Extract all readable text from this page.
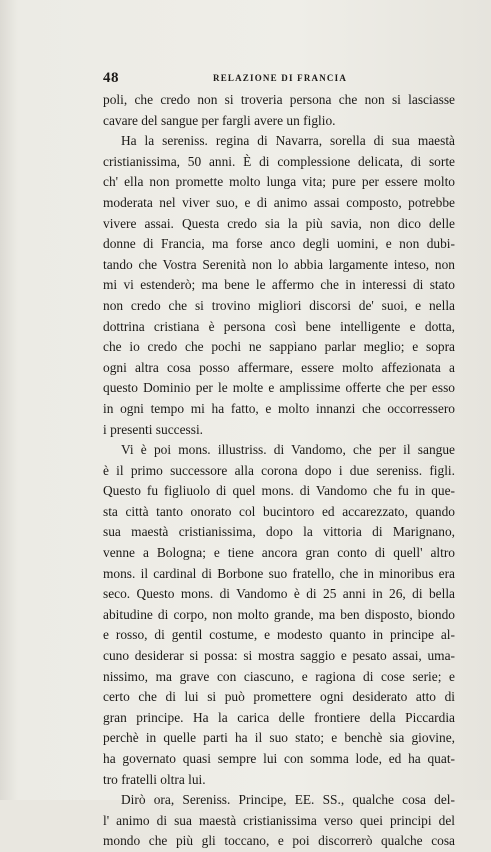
48	RELAZIONE DI FRANCIA
poli, che credo non si troveria persona che non si lasciasse
cavare del sangue per fargli avere un figlio.
Ha la sereniss. regina di Navarra, sorella di sua maestà
cristianissima, 50 anni. È di complessione delicata, di sorte
ch' ella non promette molto lunga vita; pure per essere molto
moderata nel viver suo, e di animo assai composto, potrebbe
vivere assai. Questa credo sia la più savia, non dico delle
donne di Francia, ma forse anco degli uomini, e non dubi-
tando che Vostra Serenità non lo abbia largamente inteso, non
mi vi estenderò; ma bene le affermo che in interessi di stato
non credo che si trovino migliori discorsi de' suoi, e nella
dottrina cristiana è persona così bene intelligente e dotta,
che io credo che pochi ne sappiano parlar meglio; e sopra
ogni altra cosa posso affermare, essere molto affezionata a
questo Dominio per le molte e amplissime offerte che per esso
in ogni tempo mi ha fatto, e molto innanzi che occorressero
i presenti successi.
Vi è poi mons. illustriss. di Vandomo, che per il sangue
è il primo successore alla corona dopo i due sereniss. figli.
Questo fu figliuolo di quel mons. di Vandomo che fu in que-
sta città tanto onorato col bucintoro ed accarezzato, quando
sua maestà cristianissima, dopo la vittoria di Marignano,
venne a Bologna; e tiene ancora gran conto di quell' altro
mons. il cardinal di Borbone suo fratello, che in minoribus era
seco. Questo mons. di Vandomo è di 25 anni in 26, di bella
abitudine di corpo, non molto grande, ma ben disposto, biondo
e rosso, di gentil costume, e modesto quanto in principe al-
cuno desiderar si possa: si mostra saggio e pesato assai, uma-
nissimo, ma grave con ciascuno, e ragiona di cose serie; e
certo che di lui si può promettere ogni desiderato atto di
gran principe. Ha la carica delle frontiere della Piccardia
perchè in quelle parti ha il suo stato; e benchè sia giovine,
ha governato quasi sempre lui con somma lode, ed ha quat-
tro fratelli oltra lui.
Dirò ora, Sereniss. Principe, EE. SS., qualche cosa del-
l' animo di sua maestà cristianissima verso quei principi del
mondo che più gli toccano, e poi discorrerò qualche cosa
